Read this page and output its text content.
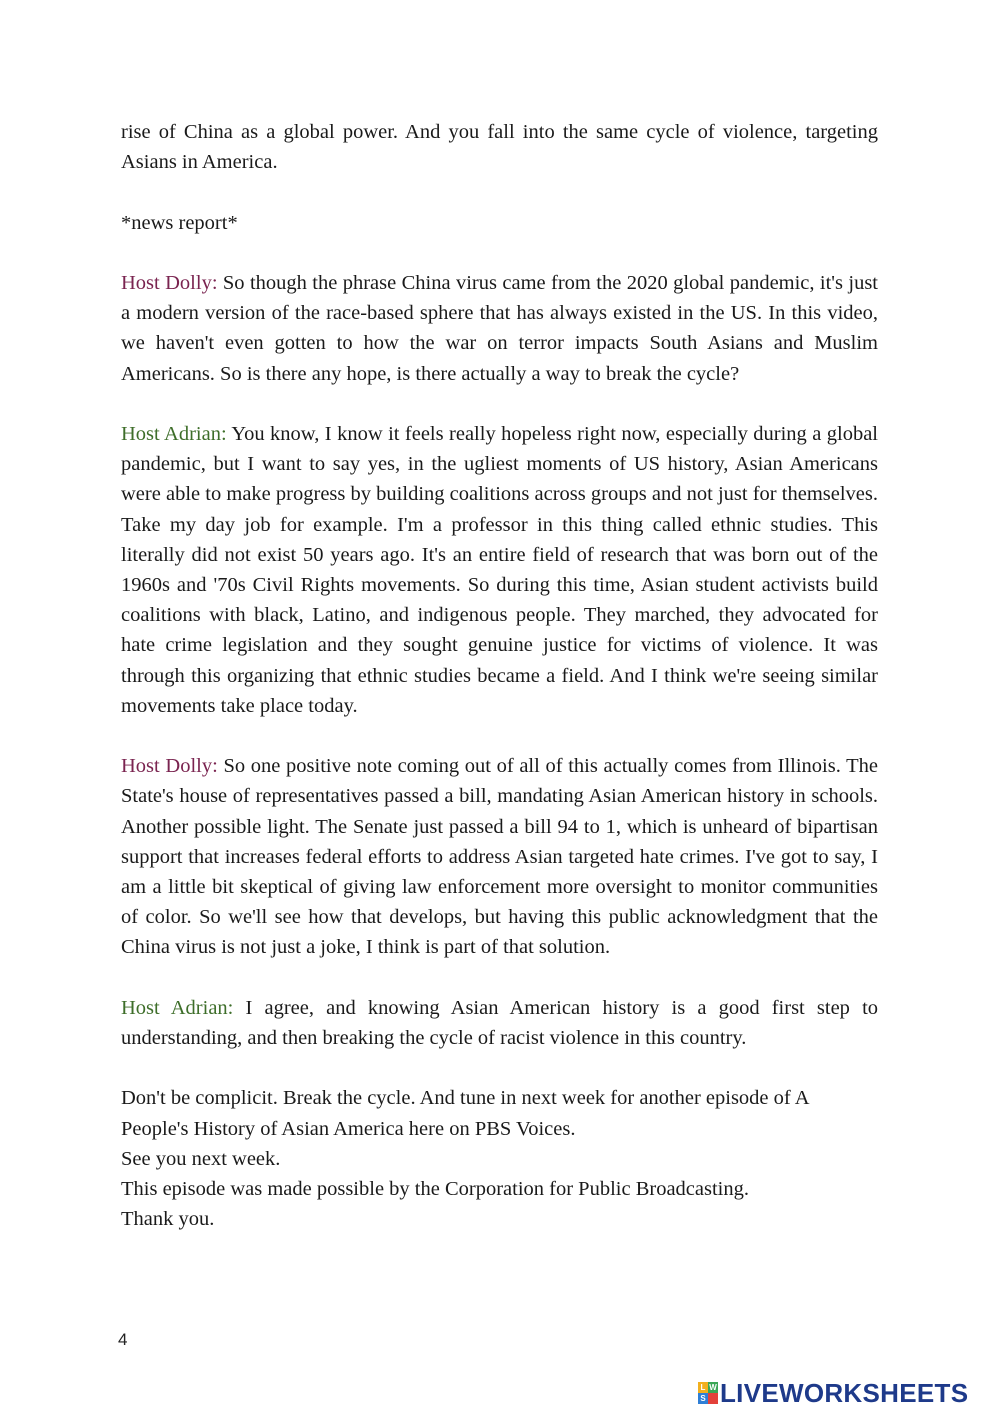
rise of China as a global power. And you fall into the same cycle of violence, targeting Asians in America.

*news report*

Host Dolly: So though the phrase China virus came from the 2020 global pandemic, it's just a modern version of the race-based sphere that has always existed in the US. In this video, we haven't even gotten to how the war on terror impacts South Asians and Muslim Americans. So is there any hope, is there actually a way to break the cycle?

Host Adrian: You know, I know it feels really hopeless right now, especially during a global pandemic, but I want to say yes, in the ugliest moments of US history, Asian Americans were able to make progress by building coalitions across groups and not just for themselves. Take my day job for example. I'm a professor in this thing called ethnic studies. This literally did not exist 50 years ago. It's an entire field of research that was born out of the 1960s and '70s Civil Rights movements. So during this time, Asian student activists build coalitions with black, Latino, and indigenous people. They marched, they advocated for hate crime legislation and they sought genuine justice for victims of violence. It was through this organizing that ethnic studies became a field. And I think we're seeing similar movements take place today.

Host Dolly: So one positive note coming out of all of this actually comes from Illinois. The State's house of representatives passed a bill, mandating Asian American history in schools. Another possible light. The Senate just passed a bill 94 to 1, which is unheard of bipartisan support that increases federal efforts to address Asian targeted hate crimes. I've got to say, I am a little bit skeptical of giving law enforcement more oversight to monitor communities of color. So we'll see how that develops, but having this public acknowledgment that the China virus is not just a joke, I think is part of that solution.

Host Adrian: I agree, and knowing Asian American history is a good first step to understanding, and then breaking the cycle of racist violence in this country.

Don't be complicit. Break the cycle. And tune in next week for another episode of A People's History of Asian America here on PBS Voices.
See you next week.
This episode was made possible by the Corporation for Public Broadcasting.
Thank you.

4
L W
S LIVEWORKSHEETS
